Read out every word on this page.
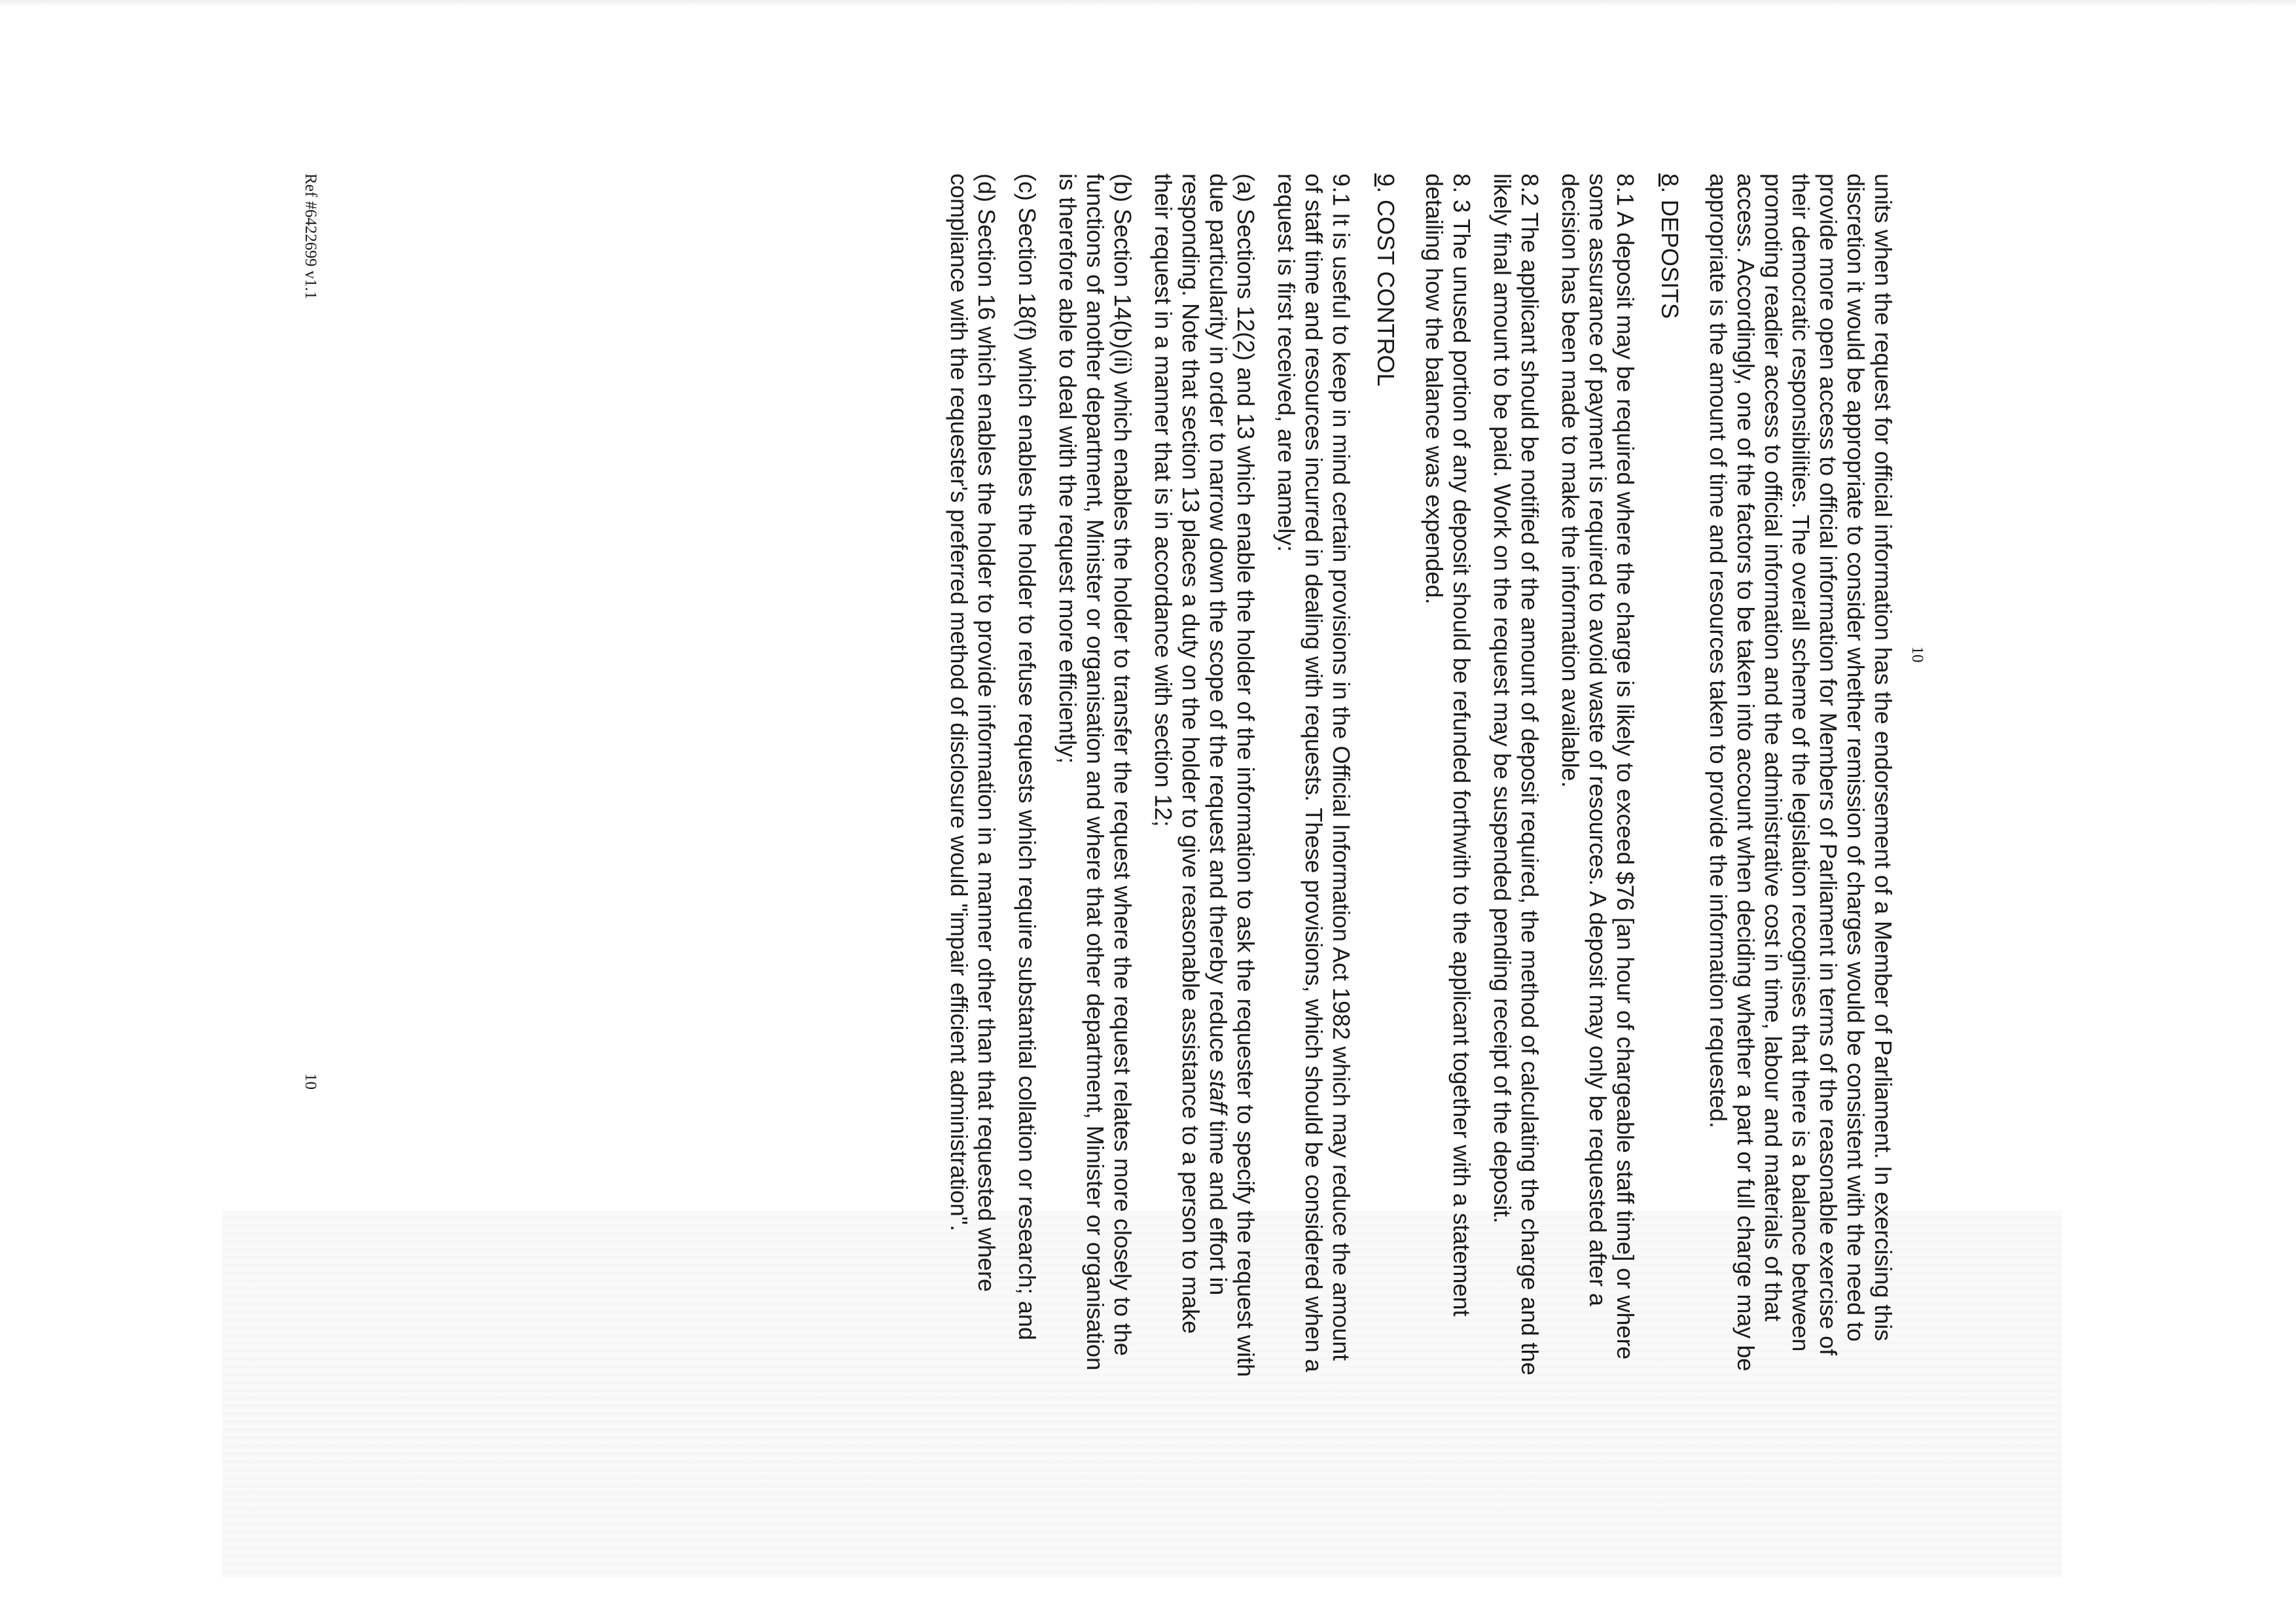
10

units when the request for official information has the endorsement of a Member of Parliament. In exercising this discretion it would be appropriate to consider whether remission of charges would be consistent with the need to provide more open access to official information for Members of Parliament in terms of the reasonable exercise of their democratic responsibilities. The overall scheme of the legislation recognises that there is a balance between promoting readier access to official information and the administrative cost in time, labour and materials of that access. Accordingly, one of the factors to be taken into account when deciding whether a part or full charge may be appropriate is the amount of time and resources taken to provide the information requested.

8. DEPOSITS

8.1 A deposit may be required where the charge is likely to exceed $76 [an hour of chargeable staff time] or where some assurance of payment is required to avoid waste of resources. A deposit may only be requested after a decision has been made to make the information available.

8.2 The applicant should be notified of the amount of deposit required, the method of calculating the charge and the likely final amount to be paid. Work on the request may be suspended pending receipt of the deposit.

8. 3 The unused portion of any deposit should be refunded forthwith to the applicant together with a statement detailing how the balance was expended.

9. COST CONTROL

9.1 It is useful to keep in mind certain provisions in the Official Information Act 1982 which may reduce the amount of staff time and resources incurred in dealing with requests. These provisions, which should be considered when a request is first received, are namely:

(a) Sections 12(2) and 13 which enable the holder of the information to ask the requester to specify the request with due particularity in order to narrow down the scope of the request and thereby reduce staff time and effort in responding. Note that section 13 places a duty on the holder to give reasonable assistance to a person to make their request in a manner that is in accordance with section 12;

(b) Section 14(b)(ii) which enables the holder to transfer the request where the request relates more closely to the functions of another department, Minister or organisation and where that other department, Minister or organisation is therefore able to deal with the request more efficiently;

(c) Section 18(f) which enables the holder to refuse requests which require substantial collation or research; and

(d) Section 16 which enables the holder to provide information in a manner other than that requested where compliance with the requester's preferred method of disclosure would "impair efficient administration".

Ref #6422699 v1.1
10
